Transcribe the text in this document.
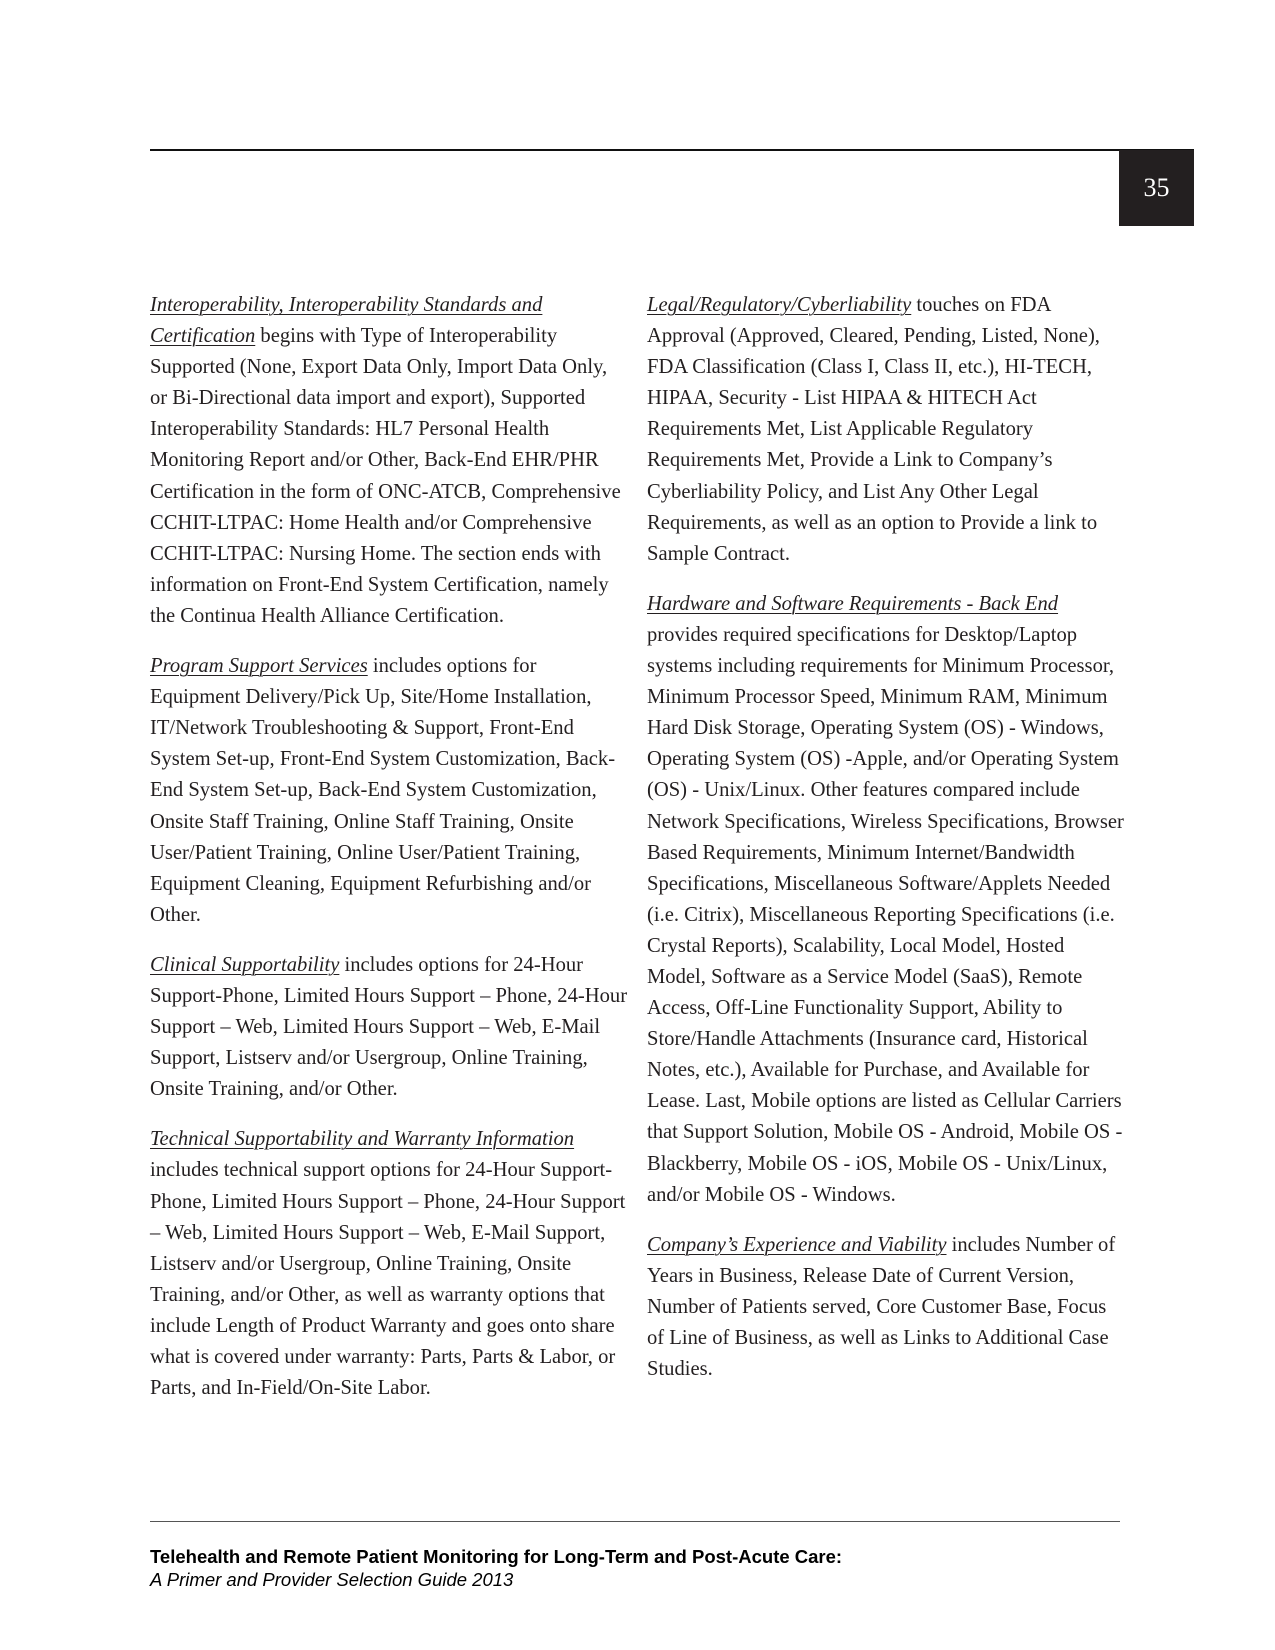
35

Interoperability, Interoperability Standards and Certification begins with Type of Interoperability Supported (None, Export Data Only, Import Data Only, or Bi-Directional data import and export), Supported Interoperability Standards: HL7 Personal Health Monitoring Report and/or Other, Back-End EHR/PHR Certification in the form of ONC-ATCB, Comprehensive CCHIT-LTPAC: Home Health and/or Comprehensive CCHIT-LTPAC: Nursing Home. The section ends with information on Front-End System Certification, namely the Continua Health Alliance Certification.

Program Support Services includes options for Equipment Delivery/Pick Up, Site/Home Installation, IT/Network Troubleshooting & Support, Front-End System Set-up, Front-End System Customization, Back-End System Set-up, Back-End System Customization, Onsite Staff Training, Online Staff Training, Onsite User/Patient Training, Online User/Patient Training, Equipment Cleaning, Equipment Refurbishing and/or Other.

Clinical Supportability includes options for 24-Hour Support-Phone, Limited Hours Support – Phone, 24-Hour Support – Web, Limited Hours Support – Web, E-Mail Support, Listserv and/or Usergroup, Online Training, Onsite Training, and/or Other.

Technical Supportability and Warranty Information includes technical support options for 24-Hour Support-Phone, Limited Hours Support – Phone, 24-Hour Support – Web, Limited Hours Support – Web, E-Mail Support, Listserv and/or Usergroup, Online Training, Onsite Training, and/or Other, as well as warranty options that include Length of Product Warranty and goes onto share what is covered under warranty: Parts, Parts & Labor, or Parts, and In-Field/On-Site Labor.

Legal/Regulatory/Cyberliability touches on FDA Approval (Approved, Cleared, Pending, Listed, None), FDA Classification (Class I, Class II, etc.), HI-TECH, HIPAA, Security - List HIPAA & HITECH Act Requirements Met, List Applicable Regulatory Requirements Met, Provide a Link to Company’s Cyberliability Policy, and List Any Other Legal Requirements, as well as an option to Provide a link to Sample Contract.

Hardware and Software Requirements - Back End provides required specifications for Desktop/Laptop systems including requirements for Minimum Processor, Minimum Processor Speed, Minimum RAM, Minimum Hard Disk Storage, Operating System (OS) - Windows, Operating System (OS) -Apple, and/or Operating System (OS) - Unix/Linux. Other features compared include Network Specifications, Wireless Specifications, Browser Based Requirements, Minimum Internet/Bandwidth Specifications, Miscellaneous Software/Applets Needed (i.e. Citrix), Miscellaneous Reporting Specifications (i.e. Crystal Reports), Scalability, Local Model, Hosted Model, Software as a Service Model (SaaS), Remote Access, Off-Line Functionality Support, Ability to Store/Handle Attachments (Insurance card, Historical Notes, etc.), Available for Purchase, and Available for Lease. Last, Mobile options are listed as Cellular Carriers that Support Solution, Mobile OS - Android, Mobile OS - Blackberry, Mobile OS - iOS, Mobile OS - Unix/Linux, and/or Mobile OS - Windows.

Company’s Experience and Viability includes Number of Years in Business, Release Date of Current Version, Number of Patients served, Core Customer Base, Focus of Line of Business, as well as Links to Additional Case Studies.

Telehealth and Remote Patient Monitoring for Long-Term and Post-Acute Care:
A Primer and Provider Selection Guide 2013
